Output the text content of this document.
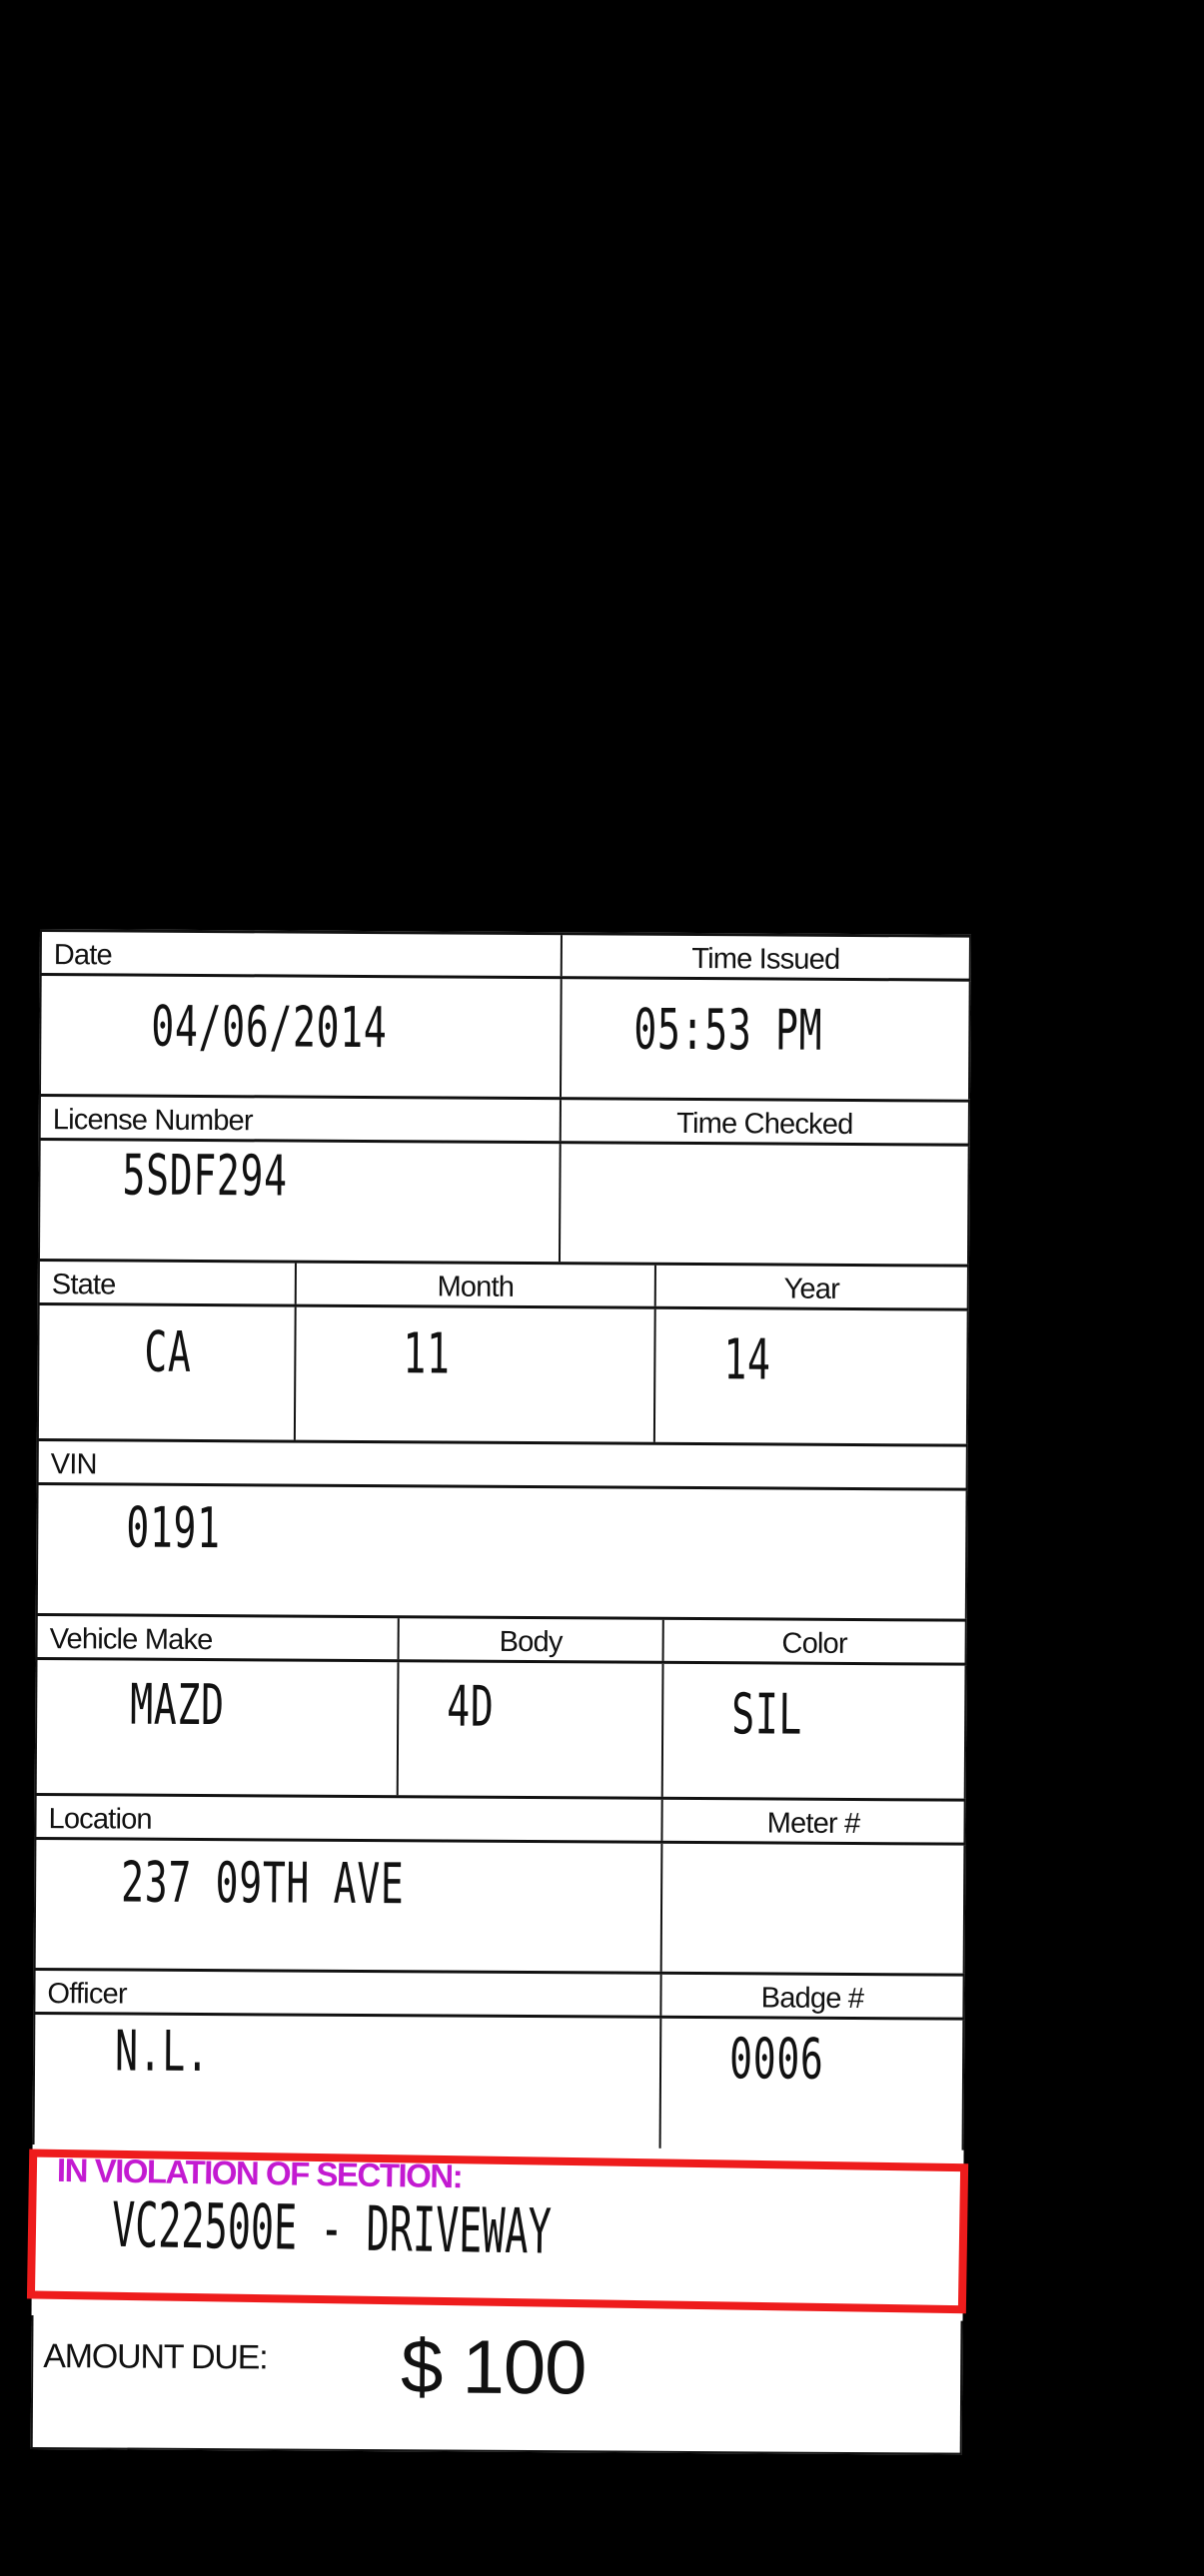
Date	Time Issued
04/06/2014	05:53 PM
License Number	Time Checked
5SDF294
State	Month	Year
CA	11	14
VIN
0191
Vehicle Make	Body	Color
MAZD	4D	SIL
Location	Meter #
237 09TH AVE
Officer	Badge #
N.L.	0006
IN VIOLATION OF SECTION:
VC22500E - DRIVEWAY
AMOUNT DUE: $ 100
